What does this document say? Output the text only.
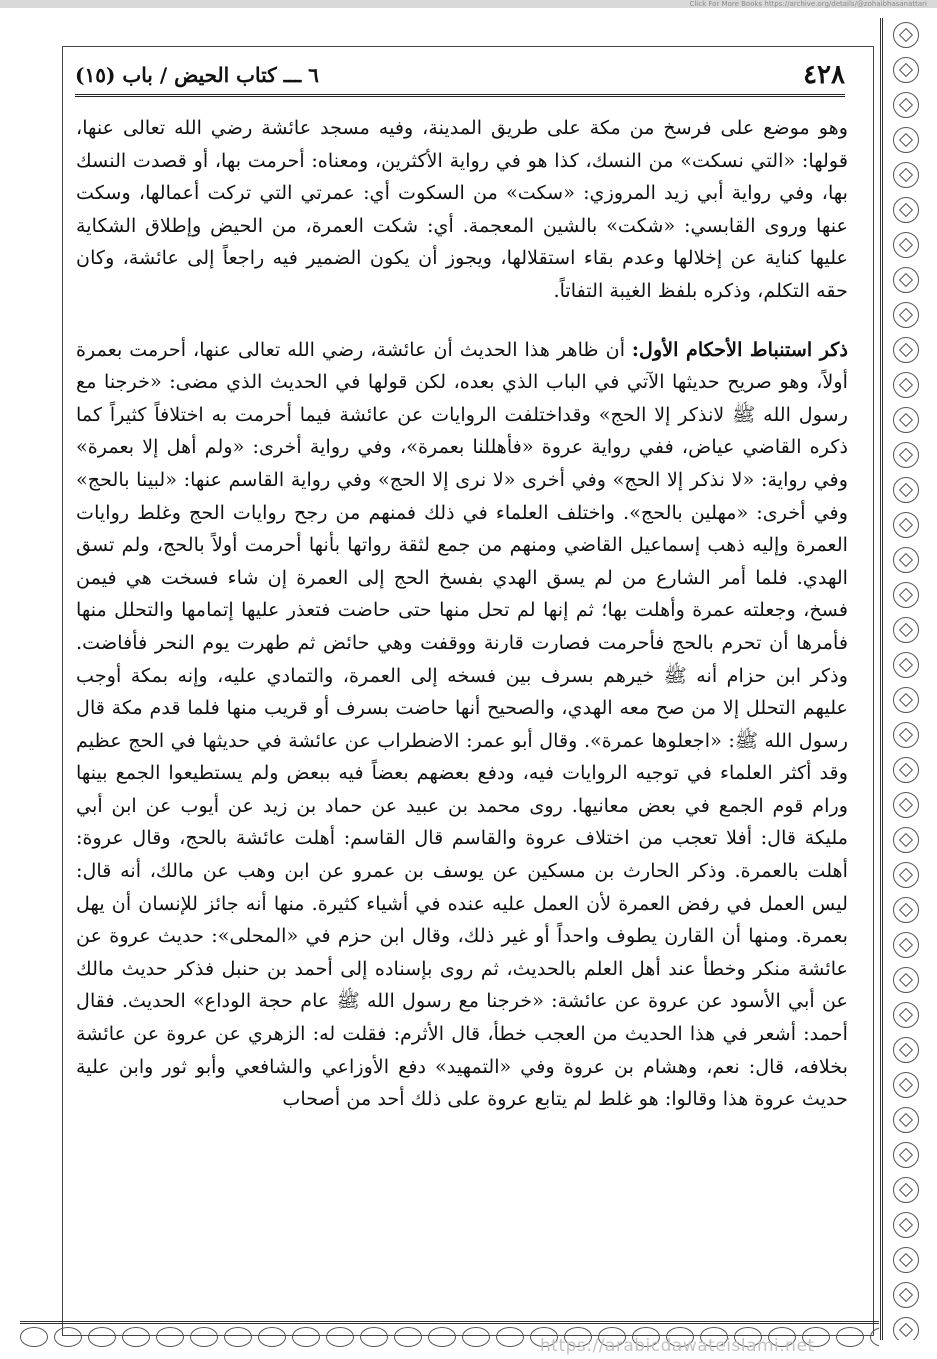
Click For More Books https://archive.org/details/@zohaibhasanattari
٤٢٨
٦ ـــ كتاب الحيض / باب (١٥)

وهو موضع على فرسخ من مكة على طريق المدينة، وفيه مسجد عائشة رضي الله تعالى عنها، قولها: «التي نسكت» من النسك، كذا هو في رواية الأكثرين، ومعناه: أحرمت بها، أو قصدت النسك بها، وفي رواية أبي زيد المروزي: «سكت» من السكوت أي: عمرتي التي تركت أعمالها، وسكت عنها وروى القابسي: «شكت» بالشين المعجمة. أي: شكت العمرة، من الحيض وإطلاق الشكاية عليها كناية عن إخلالها وعدم بقاء استقلالها، ويجوز أن يكون الضمير فيه راجعاً إلى عائشة، وكان حقه التكلم، وذكره بلفظ الغيبة التفاتاً.

ذكر استنباط الأحكام الأول: أن ظاهر هذا الحديث أن عائشة، رضي الله تعالى عنها، أحرمت بعمرة أولاً، وهو صريح حديثها الآتي في الباب الذي بعده، لكن قولها في الحديث الذي مضى: «خرجنا مع رسول الله ﷺ لانذكر إلا الحج» وقداختلفت الروايات عن عائشة فيما أحرمت به اختلافاً كثيراً كما ذكره القاضي عياض، ففي رواية عروة «فأهللنا بعمرة»، وفي رواية أخرى: «ولم أهل إلا بعمرة» وفي رواية: «لا نذكر إلا الحج» وفي أخرى «لا نرى إلا الحج» وفي رواية القاسم عنها: «لبينا بالحج» وفي أخرى: «مهلين بالحج». واختلف العلماء في ذلك فمنهم من رجح روايات الحج وغلط روايات العمرة وإليه ذهب إسماعيل القاضي ومنهم من جمع لثقة رواتها بأنها أحرمت أولاً بالحج، ولم تسق الهدي. فلما أمر الشارع من لم يسق الهدي بفسخ الحج إلى العمرة إن شاء فسخت هي فيمن فسخ، وجعلته عمرة وأهلت بها؛ ثم إنها لم تحل منها حتى حاضت فتعذر عليها إتمامها والتحلل منها فأمرها أن تحرم بالحج فأحرمت فصارت قارنة ووقفت وهي حائض ثم طهرت يوم النحر فأفاضت. وذكر ابن حزام أنه ﷺ خيرهم بسرف بين فسخه إلى العمرة، والتمادي عليه، وإنه بمكة أوجب عليهم التحلل إلا من صح معه الهدي، والصحيح أنها حاضت بسرف أو قريب منها فلما قدم مكة قال رسول الله ﷺ: «اجعلوها عمرة». وقال أبو عمر: الاضطراب عن عائشة في حديثها في الحج عظيم وقد أكثر العلماء في توجيه الروايات فيه، ودفع بعضهم بعضاً فيه ببعض ولم يستطيعوا الجمع بينها ورام قوم الجمع في بعض معانيها. روى محمد بن عبيد عن حماد بن زيد عن أيوب عن ابن أبي مليكة قال: أفلا تعجب من اختلاف عروة والقاسم قال القاسم: أهلت عائشة بالحج، وقال عروة: أهلت بالعمرة. وذكر الحارث بن مسكين عن يوسف بن عمرو عن ابن وهب عن مالك، أنه قال: ليس العمل في رفض العمرة لأن العمل عليه عنده في أشياء كثيرة. منها أنه جائز للإنسان أن يهل بعمرة. ومنها أن القارن يطوف واحداً أو غير ذلك، وقال ابن حزم في «المحلى»: حديث عروة عن عائشة منكر وخطأ عند أهل العلم بالحديث، ثم روى بإسناده إلى أحمد بن حنبل فذكر حديث مالك عن أبي الأسود عن عروة عن عائشة: «خرجنا مع رسول الله ﷺ عام حجة الوداع» الحديث. فقال أحمد: أشعر في هذا الحديث من العجب خطأ، قال الأثرم: فقلت له: الزهري عن عروة عن عائشة بخلافه، قال: نعم، وهشام بن عروة وفي «التمهيد» دفع الأوزاعي والشافعي وأبو ثور وابن علية حديث عروة هذا وقالوا: هو غلط لم يتابع عروة على ذلك أحد من أصحاب

https://arabicdawateislami.net
